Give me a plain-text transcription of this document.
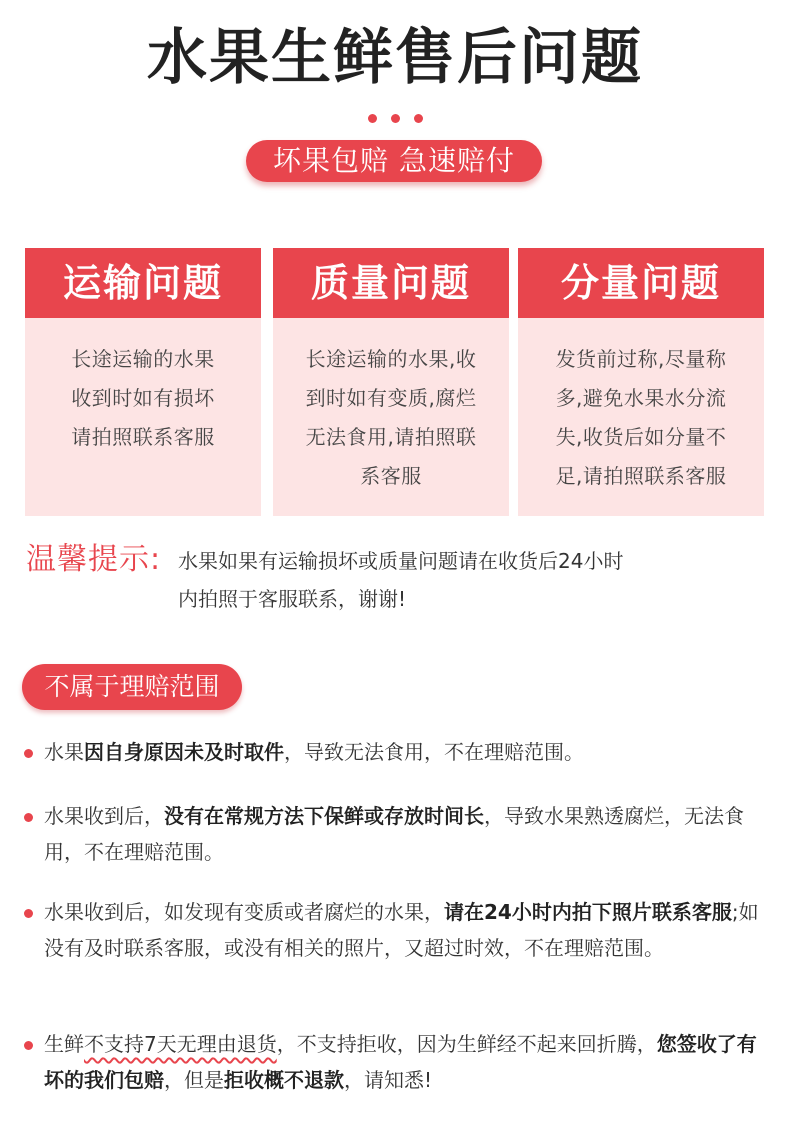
水果生鲜售后问题
坏果包赔 急速赔付
运输问题
长途运输的水果
收到时如有损坏
请拍照联系客服
质量问题
长途运输的水果,收
到时如有变质,腐烂
无法食用,请拍照联
系客服
分量问题
发货前过称,尽量称
多,避免水果水分流
失,收货后如分量不
足,请拍照联系客服
温馨提示: 水果如果有运输损坏或质量问题请在收货后24小时
内拍照于客服联系，谢谢!
不属于理赔范围
水果因自身原因未及时取件，导致无法食用，不在理赔范围。
水果收到后，没有在常规方法下保鲜或存放时间长，导致水果熟透腐烂，无法食用，不在理赔范围。
水果收到后，如发现有变质或者腐烂的水果，请在24小时内拍下照片联系客服;如没有及时联系客服，或没有相关的照片，又超过时效，不在理赔范围。
生鲜不支持7天无理由退货，不支持拒收，因为生鲜经不起来回折腾，您签收了有坏的我们包赔，但是拒收概不退款，请知悉!
